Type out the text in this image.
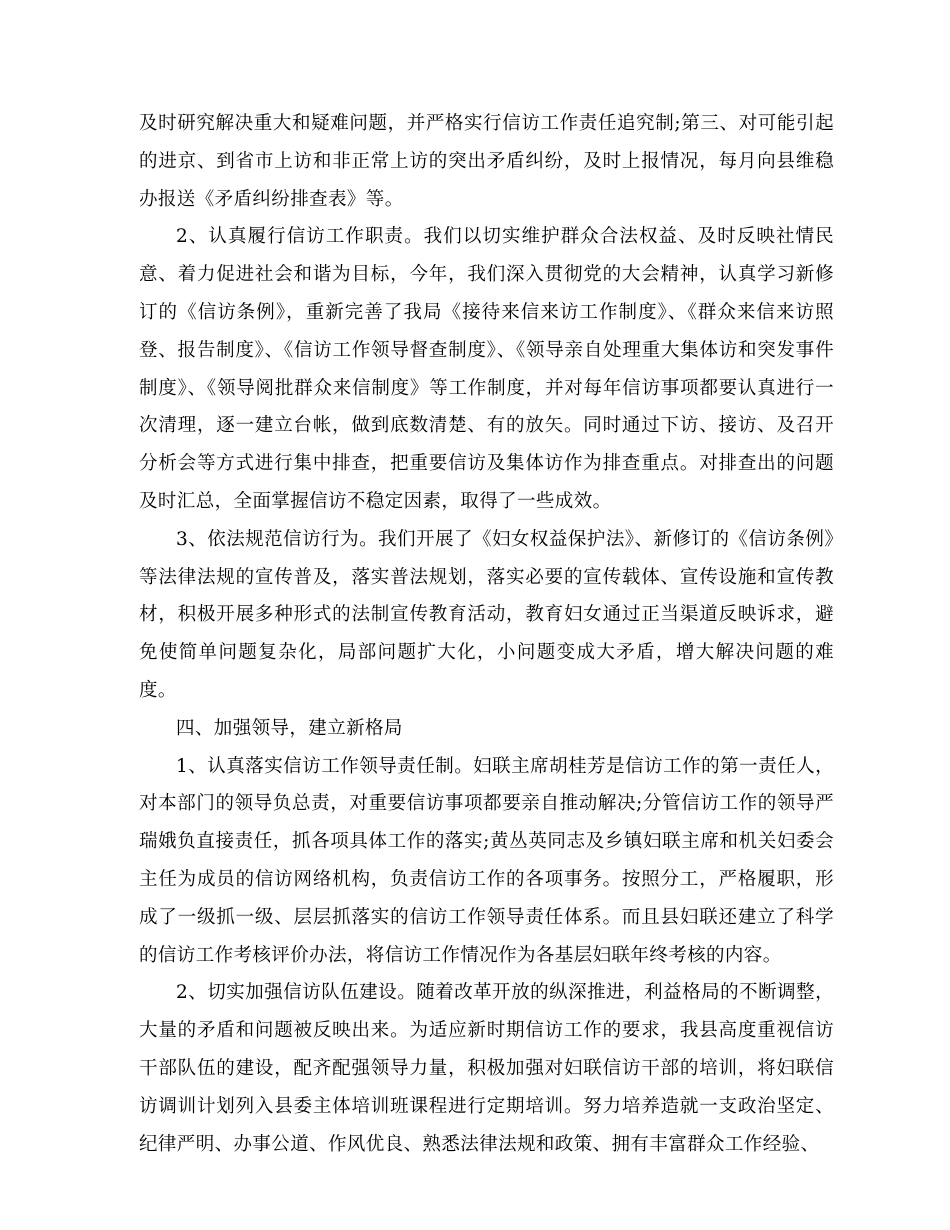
及时研究解决重大和疑难问题，并严格实行信访工作责任追究制;第三、对可能引起的进京、到省市上访和非正常上访的突出矛盾纠纷，及时上报情况，每月向县维稳办报送《矛盾纠纷排查表》等。

2、认真履行信访工作职责。我们以切实维护群众合法权益、及时反映社情民意、着力促进社会和谐为目标，今年，我们深入贯彻党的大会精神，认真学习新修订的《信访条例》，重新完善了我局《接待来信来访工作制度》、《群众来信来访照登、报告制度》、《信访工作领导督查制度》、《领导亲自处理重大集体访和突发事件制度》、《领导阅批群众来信制度》等工作制度，并对每年信访事项都要认真进行一次清理，逐一建立台帐，做到底数清楚、有的放矢。同时通过下访、接访、及召开分析会等方式进行集中排查，把重要信访及集体访作为排查重点。对排查出的问题及时汇总，全面掌握信访不稳定因素，取得了一些成效。

3、依法规范信访行为。我们开展了《妇女权益保护法》、新修订的《信访条例》等法律法规的宣传普及，落实普法规划，落实必要的宣传载体、宣传设施和宣传教材，积极开展多种形式的法制宣传教育活动，教育妇女通过正当渠道反映诉求，避免使简单问题复杂化，局部问题扩大化，小问题变成大矛盾，增大解决问题的难度。

四、加强领导，建立新格局

1、认真落实信访工作领导责任制。妇联主席胡桂芳是信访工作的第一责任人，对本部门的领导负总责，对重要信访事项都要亲自推动解决;分管信访工作的领导严瑞娥负直接责任，抓各项具体工作的落实;黄丛英同志及乡镇妇联主席和机关妇委会主任为成员的信访网络机构，负责信访工作的各项事务。按照分工，严格履职，形成了一级抓一级、层层抓落实的信访工作领导责任体系。而且县妇联还建立了科学的信访工作考核评价办法，将信访工作情况作为各基层妇联年终考核的内容。

2、切实加强信访队伍建设。随着改革开放的纵深推进，利益格局的不断调整，大量的矛盾和问题被反映出来。为适应新时期信访工作的要求，我县高度重视信访干部队伍的建设，配齐配强领导力量，积极加强对妇联信访干部的培训，将妇联信访调训计划列入县委主体培训班课程进行定期培训。努力培养造就一支政治坚定、纪律严明、办事公道、作风优良、熟悉法律法规和政策、拥有丰富群众工作经验、
